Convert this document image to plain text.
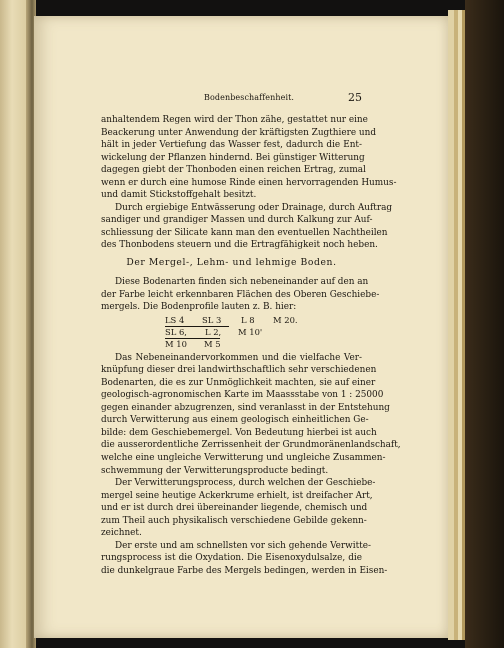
Bodenbeschaffenheit.	25
anhaltendem Regen wird der Thon zähe, gestattet nur eine
Beackerung unter Anwendung der kräftigsten Zugthiere und
hält in jeder Vertiefung das Wasser fest, dadurch die Ent-
wickelung der Pflanzen hindernd. Bei günstiger Witterung
dagegen giebt der Thonboden einen reichen Ertrag, zumal
wenn er durch eine humose Rinde einen hervorragenden Humus-
und damit Stickstoffgehalt besitzt.
Durch ergiebige Entwässerung oder Drainage, durch Auftrag
sandiger und grandiger Massen und durch Kalkung zur Auf-
schliessung der Silicate kann man den eventuellen Nachtheilen
des Thonbodens steuern und die Ertragfähigkeit noch heben.
Der Mergel-, Lehm- und lehmige Boden.
Diese Bodenarten finden sich nebeneinander auf den an
der Farbe leicht erkennbaren Flächen des Oberen Geschiebe-
mergels. Die Bodenprofile lauten z. B. hier:
LS 4 SL 3 L 8 M 20.
SL 6, L 2, M 10'
M 10 M 5
Das Nebeneinandervorkommen und die vielfache Ver-
knüpfung dieser drei landwirthschaftlich sehr verschiedenen
Bodenarten, die es zur Unmöglichkeit machten, sie auf einer
geologisch-agronomischen Karte im Maassstabe von 1 : 25000
gegen einander abzugrenzen, sind veranlasst in der Entstehung
durch Verwitterung aus einem geologisch einheitlichen Ge-
bilde: dem Geschiebemergel. Von Bedeutung hierbei ist auch
die ausserordentliche Zerrissenheit der Grundmoränenlandschaft,
welche eine ungleiche Verwitterung und ungleiche Zusammen-
schwemmung der Verwitterungsproducte bedingt.
Der Verwitterungsprocess, durch welchen der Geschiebe-
mergel seine heutige Ackerkrume erhielt, ist dreifacher Art,
und er ist durch drei übereinander liegende, chemisch und
zum Theil auch physikalisch verschiedene Gebilde gekenn-
zeichnet.
Der erste und am schnellsten vor sich gehende Verwitte-
rungsprocess ist die Oxydation. Die Eisenoxydulsalze, die
die dunkelgraue Farbe des Mergels bedingen, werden in Eisen-
